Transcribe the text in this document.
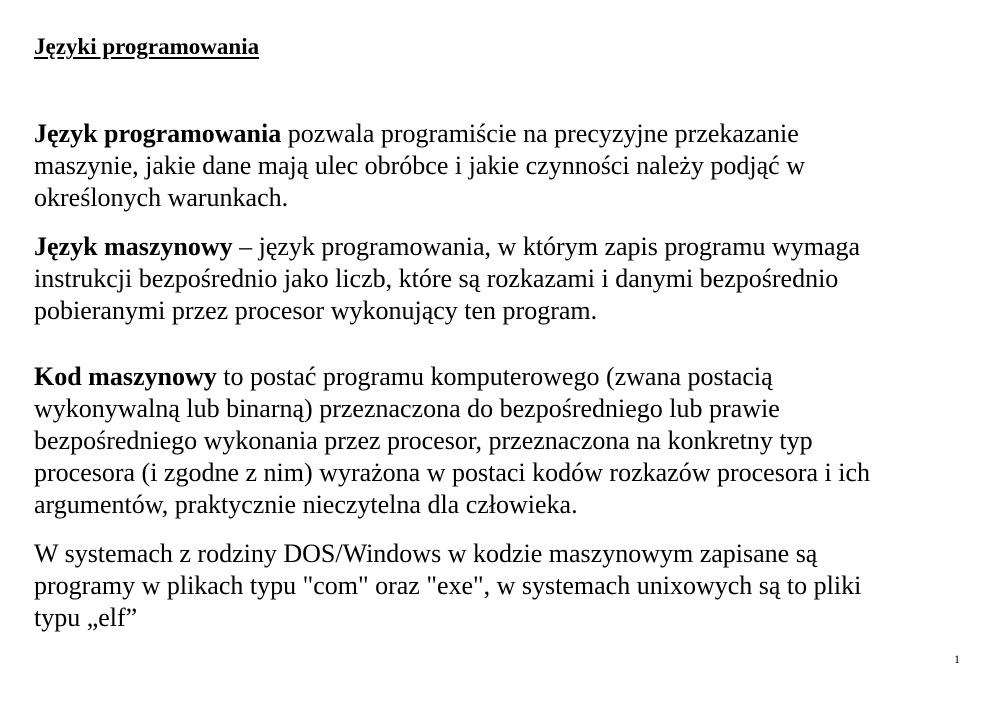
Języki programowania
Język programowania pozwala programiście na precyzyjne przekazanie
maszynie, jakie dane mają ulec obróbce i jakie czynności należy podjąć w
określonych warunkach.
Język maszynowy – język programowania, w którym zapis programu wymaga
instrukcji bezpośrednio jako liczb, które są rozkazami i danymi bezpośrednio
pobieranymi przez procesor wykonujący ten program.
Kod maszynowy to postać programu komputerowego (zwana postacią
wykonywalną lub binarną) przeznaczona do bezpośredniego lub prawie
bezpośredniego wykonania przez procesor, przeznaczona na konkretny typ
procesora (i zgodne z nim) wyrażona w postaci kodów rozkazów procesora i ich
argumentów, praktycznie nieczytelna dla człowieka.
W systemach z rodziny DOS/Windows w kodzie maszynowym zapisane są
programy w plikach typu "com" oraz "exe", w systemach unixowych są to pliki
typu „elf”
1
